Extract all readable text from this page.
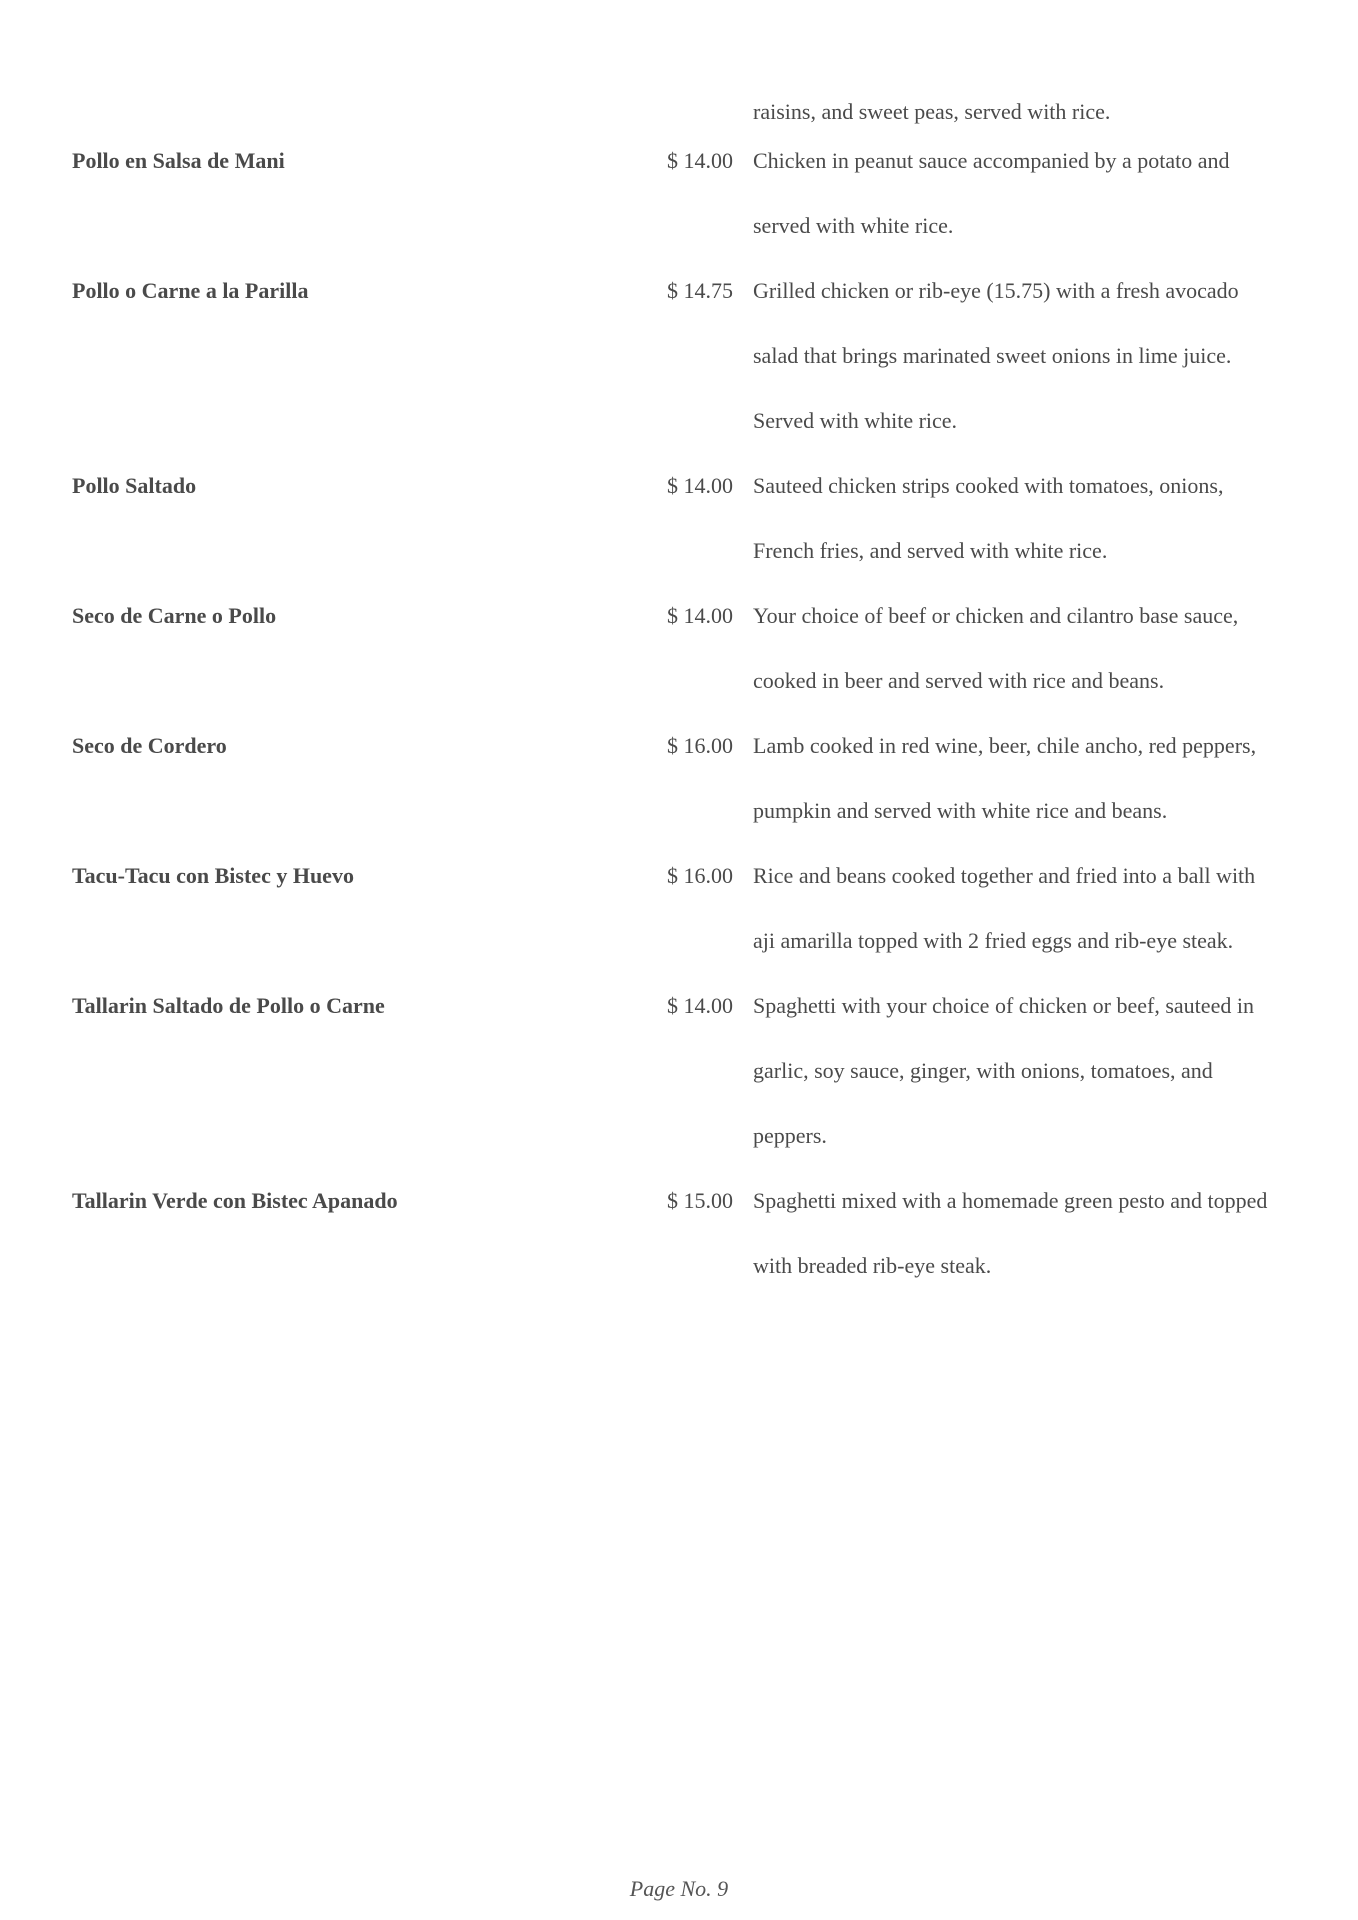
raisins, and sweet peas, served with rice.

Pollo en Salsa de Mani	$ 14.00 Chicken in peanut sauce accompanied by a potato and
served with white rice.
Pollo o Carne a la Parilla	$ 14.75 Grilled chicken or rib-eye (15.75) with a fresh avocado
salad that brings marinated sweet onions in lime juice.
Served with white rice.
Pollo Saltado	$ 14.00 Sauteed chicken strips cooked with tomatoes, onions,
French fries, and served with white rice.
Seco de Carne o Pollo	$ 14.00 Your choice of beef or chicken and cilantro base sauce,
cooked in beer and served with rice and beans.
Seco de Cordero	$ 16.00 Lamb cooked in red wine, beer, chile ancho, red peppers,
pumpkin and served with white rice and beans.
Tacu-Tacu con Bistec y Huevo	$ 16.00 Rice and beans cooked together and fried into a ball with
aji amarilla topped with 2 fried eggs and rib-eye steak.
Tallarin Saltado de Pollo o Carne	$ 14.00 Spaghetti with your choice of chicken or beef, sauteed in
garlic, soy sauce, ginger, with onions, tomatoes, and
peppers.
Tallarin Verde con Bistec Apanado	$ 15.00 Spaghetti mixed with a homemade green pesto and topped
with breaded rib-eye steak.
Page No. 9
